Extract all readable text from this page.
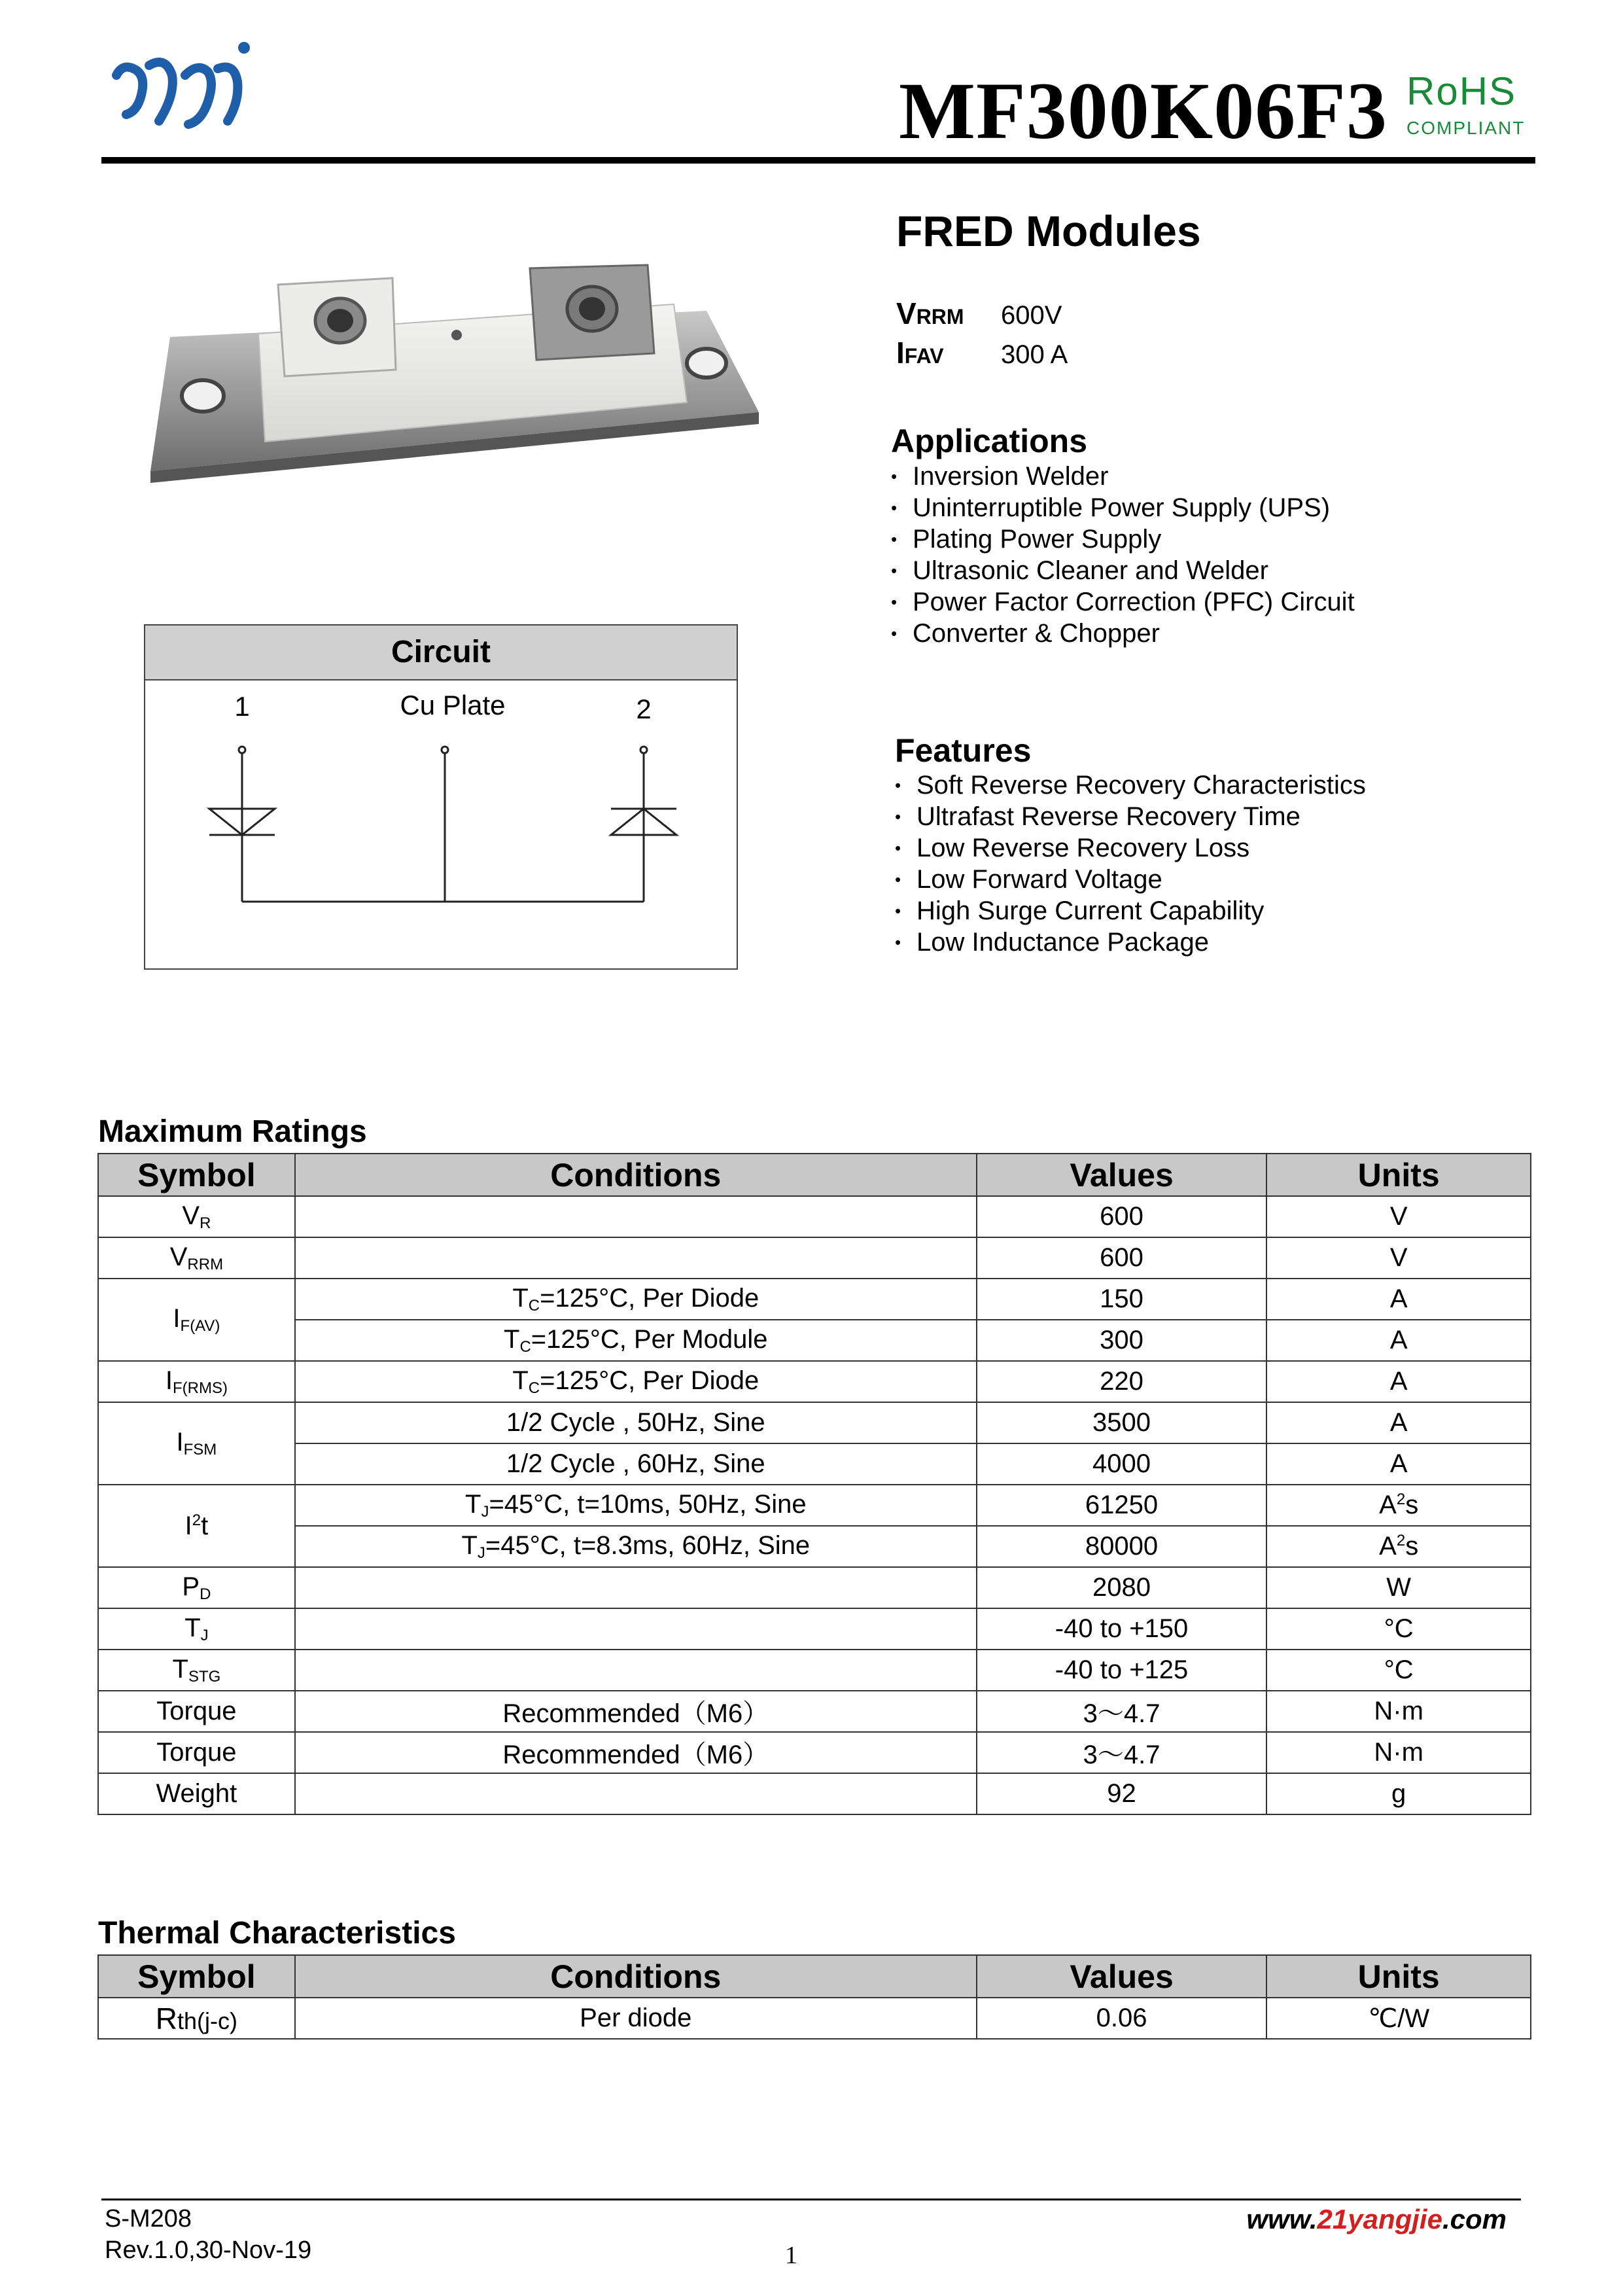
MF300K06F3 RoHS
COMPLIANT
FRED Modules
VRRM 600V
IFAV 300 A
Applications
• Inversion Welder
• Uninterruptible Power Supply (UPS)
• Plating Power Supply
• Ultrasonic Cleaner and Welder
• Power Factor Correction (PFC) Circuit
• Converter & Chopper
Features
• Soft Reverse Recovery Characteristics
• Ultrafast Reverse Recovery Time
• Low Reverse Recovery Loss
• Low Forward Voltage
• High Surge Current Capability
• Low Inductance Package
Circuit
1	Cu Plate	2
Maximum Ratings
Symbol	Conditions	Values	Units
$V_R$		600	V
$V_{RRM}$		600	V
$I_{F(AV)}$	$T_C=125^\circ C$, Per Diode	150	A
	$T_C=125^\circ C$, Per Module	300	A
$I_{F(RMS)}$	$T_C=125^\circ C$, Per Diode	220	A
$I_{FSM}$	1/2 Cycle , 50Hz, Sine	3500	A
	1/2 Cycle , 60Hz, Sine	4000	A
$I^2t$	$T_J=45^\circ C$, t=10ms, 50Hz, Sine	61250	$A^2s$
	$T_J=45^\circ C$, t=8.3ms, 60Hz, Sine	80000	$A^2s$
$P_D$		2080	W
$T_J$		-40 to +150	°C
$T_{STG}$		-40 to +125	°C
Torque	Recommended（M6）	3～4.7	N·m
Torque	Recommended（M6）	3～4.7	N·m
Weight		92	g
Thermal Characteristics
Symbol	Conditions	Values	Units
Rth(j-c)	Per diode	0.06	℃/W
S-M208
Rev.1.0,30-Nov-19	1
www.21yangjie.com
